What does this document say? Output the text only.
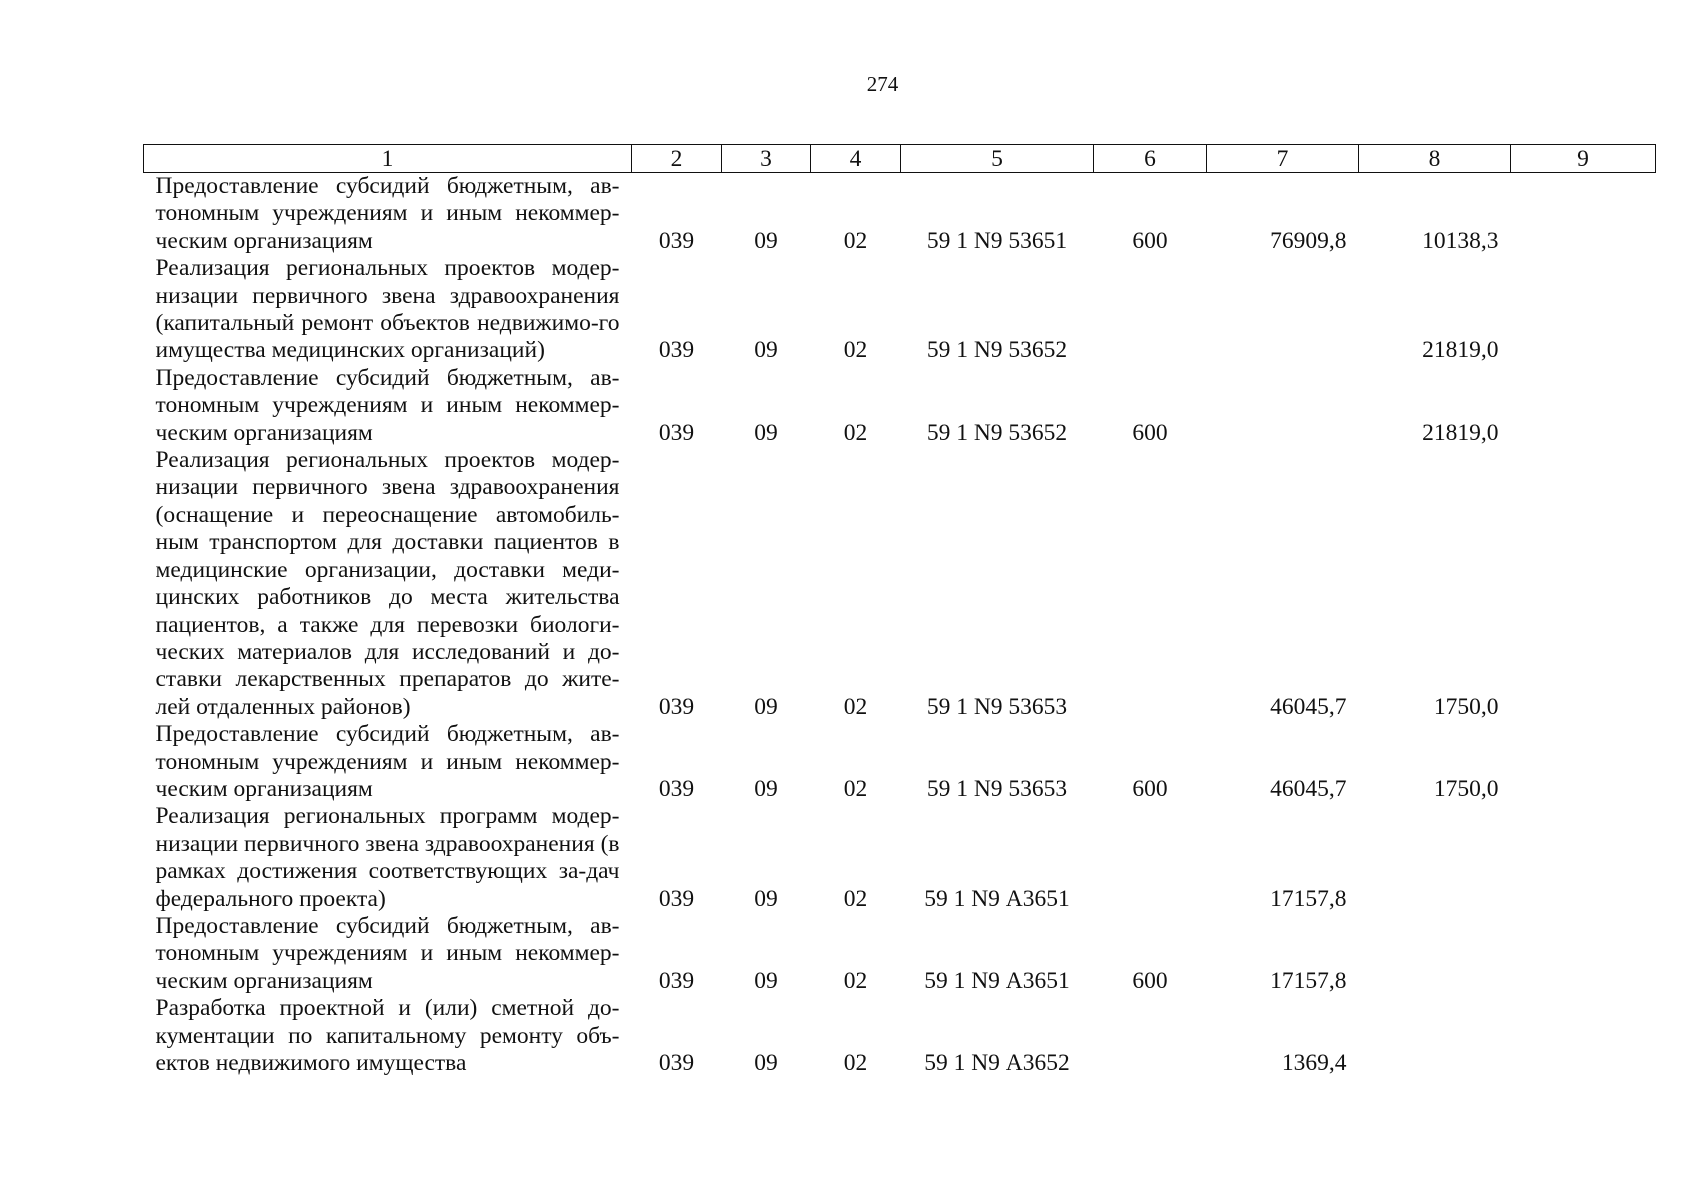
274
1	2	3	4	5	6	7	8	9
Предоставление субсидий бюджетным, ав-тономным учреждениям и иным некоммер-ческим организациям	039	09	02	59 1 N9 53651	600	76909,8	10138,3	
Реализация региональных проектов модер-низации первичного звена здравоохранения (капитальный ремонт объектов недвижимо-го имущества медицинских организаций)	039	09	02	59 1 N9 53652			21819,0	
Предоставление субсидий бюджетным, ав-тономным учреждениям и иным некоммер-ческим организациям	039	09	02	59 1 N9 53652	600		21819,0	
Реализация региональных проектов модер-низации первичного звена здравоохранения (оснащение и переоснащение автомобиль-ным транспортом для доставки пациентов в медицинские организации, доставки меди-цинских работников до места жительства пациентов, а также для перевозки биологи-ческих материалов для исследований и до-ставки лекарственных препаратов до жите-лей отдаленных районов)	039	09	02	59 1 N9 53653		46045,7	1750,0	
Предоставление субсидий бюджетным, ав-тономным учреждениям и иным некоммер-ческим организациям	039	09	02	59 1 N9 53653	600	46045,7	1750,0	
Реализация региональных программ модер-низации первичного звена здравоохранения (в рамках достижения соответствующих за-дач федерального проекта)	039	09	02	59 1 N9 А3651		17157,8		
Предоставление субсидий бюджетным, ав-тономным учреждениям и иным некоммер-ческим организациям	039	09	02	59 1 N9 А3651	600	17157,8		
Разработка проектной и (или) сметной до-кументации по капитальному ремонту объ-ектов недвижимого имущества	039	09	02	59 1 N9 А3652		1369,4		
